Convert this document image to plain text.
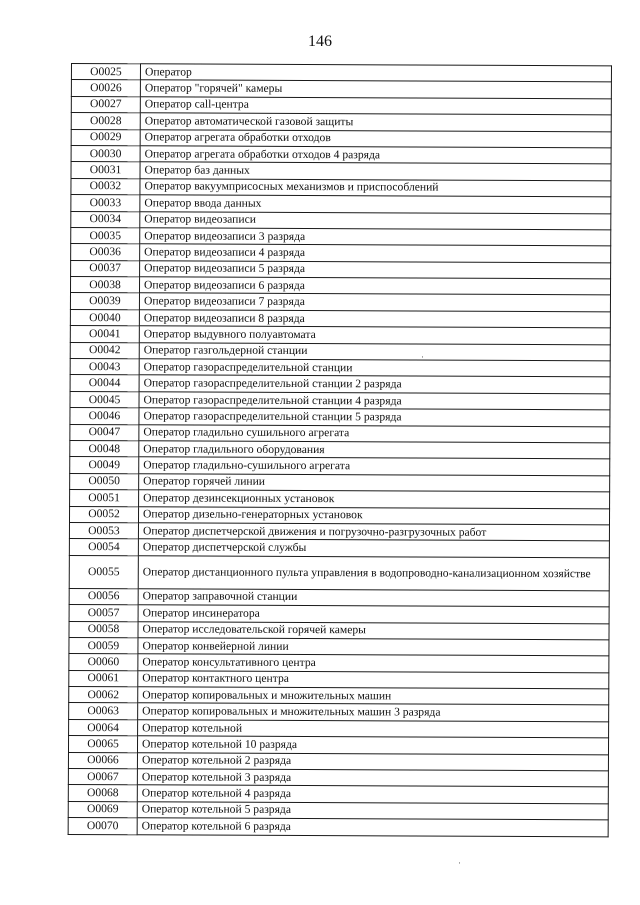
146
О0025	Оператор
О0026	Оператор "горячей" камеры
О0027	Оператор call-центра
О0028	Оператор автоматической газовой защиты
О0029	Оператор агрегата обработки отходов
О0030	Оператор агрегата обработки отходов 4 разряда
О0031	Оператор баз данных
О0032	Оператор вакуумприсосных механизмов и приспособлений
О0033	Оператор ввода данных
О0034	Оператор видеозаписи
О0035	Оператор видеозаписи 3 разряда
О0036	Оператор видеозаписи 4 разряда
О0037	Оператор видеозаписи 5 разряда
О0038	Оператор видеозаписи 6 разряда
О0039	Оператор видеозаписи 7 разряда
О0040	Оператор видеозаписи 8 разряда
О0041	Оператор выдувного полуавтомата
О0042	Оператор газгольдерной станции
О0043	Оператор газораспределительной станции
О0044	Оператор газораспределительной станции 2 разряда
О0045	Оператор газораспределительной станции 4 разряда
О0046	Оператор газораспределительной станции 5 разряда
О0047	Оператор гладильно сушильного агрегата
О0048	Оператор гладильного оборудования
О0049	Оператор гладильно-сушильного агрегата
О0050	Оператор горячей линии
О0051	Оператор дезинсекционных установок
О0052	Оператор дизельно-генераторных установок
О0053	Оператор диспетчерской движения и погрузочно-разгрузочных работ
О0054	Оператор диспетчерской службы
О0055	Оператор дистанционного пульта управления в водопроводно-канализационном хозяйстве
О0056	Оператор заправочной станции
О0057	Оператор инсинератора
О0058	Оператор исследовательской горячей камеры
О0059	Оператор конвейерной линии
О0060	Оператор консультативного центра
О0061	Оператор контактного центра
О0062	Оператор копировальных и множительных машин
О0063	Оператор копировальных и множительных машин 3 разряда
О0064	Оператор котельной
О0065	Оператор котельной 10 разряда
О0066	Оператор котельной 2 разряда
О0067	Оператор котельной 3 разряда
О0068	Оператор котельной 4 разряда
О0069	Оператор котельной 5 разряда
О0070	Оператор котельной 6 разряда
·
·
